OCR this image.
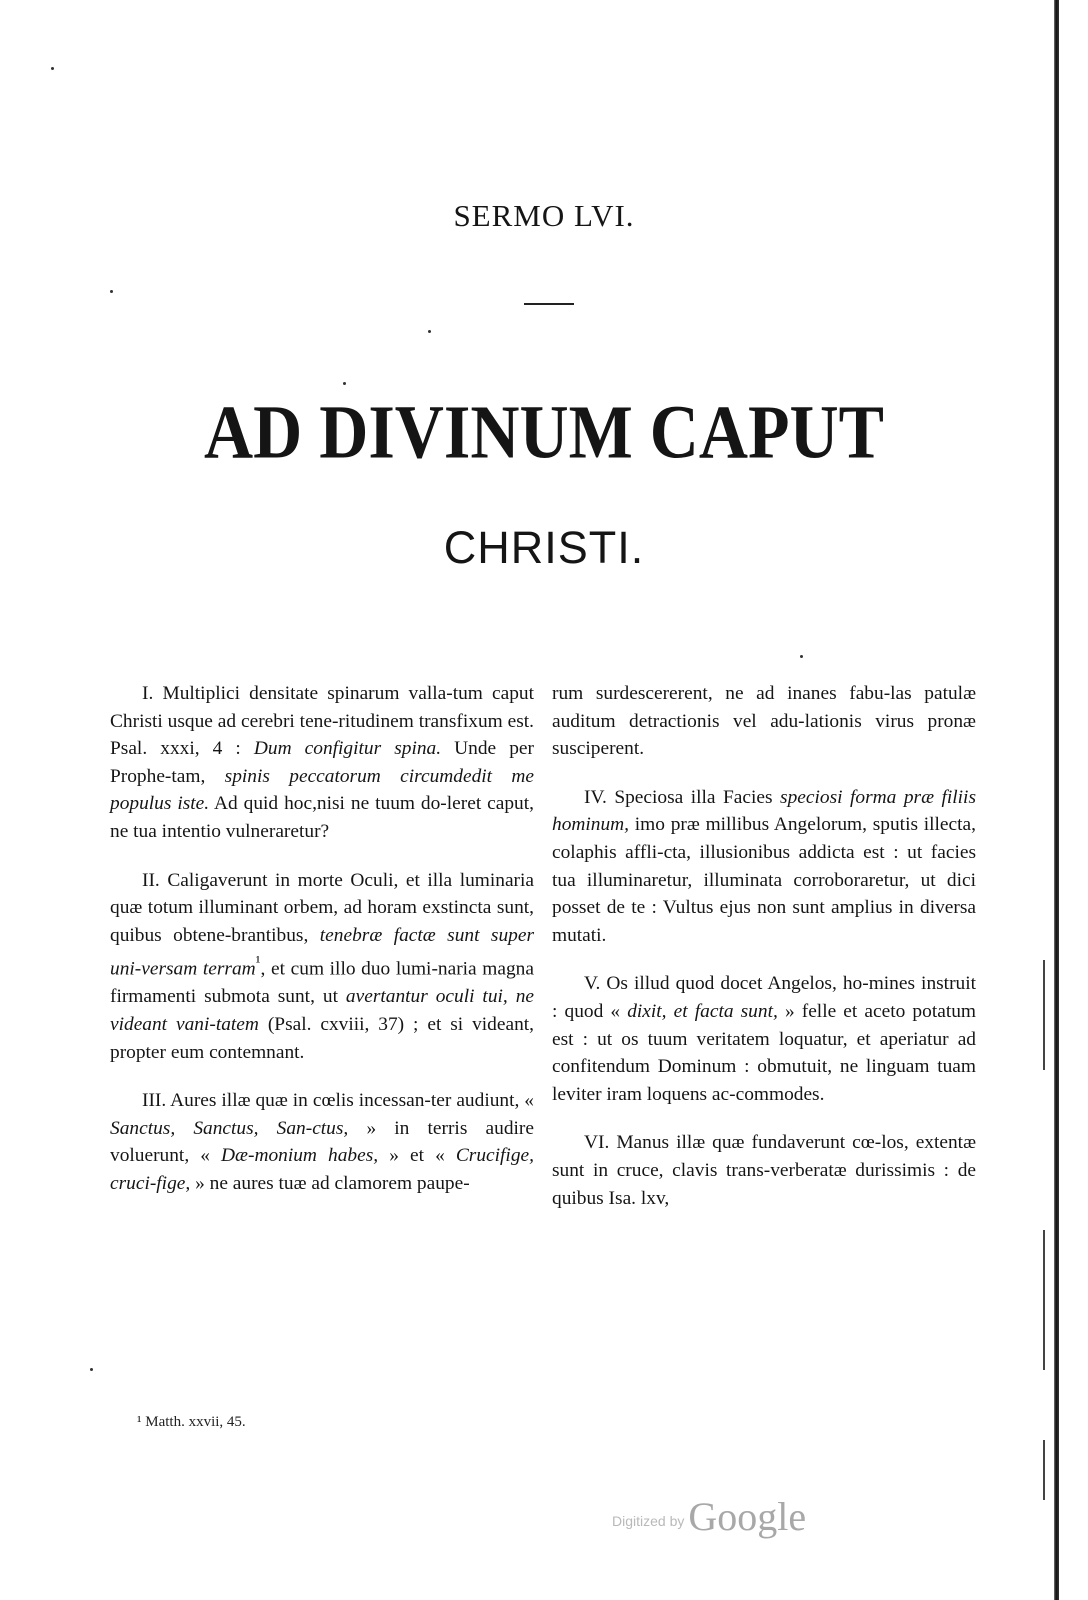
SERMO LVI.
AD DIVINUM CAPUT
CHRISTI.

I. Multiplici densitate spinarum valla-tum caput Christi usque ad cerebri tene-ritudinem transfixum est. Psal. xxxi, 4 : Dum configitur spina. Unde per Prophe-tam, spinis peccatorum circumdedit me populus iste. Ad quid hoc,nisi ne tuum do-leret caput, ne tua intentio vulneraretur?

II. Caligaverunt in morte Oculi, et illa luminaria quæ totum illuminant orbem, ad horam exstincta sunt, quibus obtene-brantibus, tenebræ factæ sunt super uni-versam terram$^{^1}$, et cum illo duo lumi-naria magna firmamenti submota sunt, ut avertantur oculi tui, ne videant vani-tatem (Psal. cxviii, 37) ; et si videant, propter eum contemnant.

III. Aures illæ quæ in cœlis incessan-ter audiunt, « Sanctus, Sanctus, San-ctus, » in terris audire voluerunt, « Dæ-monium habes, » et « Crucifige, cruci-fige, » ne aures tuæ ad clamorem paupe-

rum surdescererent, ne ad inanes fabu-las patulæ auditum detractionis vel adu-lationis virus pronæ susciperent.

IV. Speciosa illa Facies speciosi forma præ filiis hominum, imo præ millibus Angelorum, sputis illecta, colaphis affli-cta, illusionibus addicta est : ut facies tua illuminaretur, illuminata corroboraretur, ut dici posset de te : Vultus ejus non sunt amplius in diversa mutati.

V. Os illud quod docet Angelos, ho-mines instruit : quod « dixit, et facta sunt, » felle et aceto potatum est : ut os tuum veritatem loquatur, et aperiatur ad confitendum Dominum : obmutuit, ne linguam tuam leviter iram loquens ac-commodes.

VI. Manus illæ quæ fundaverunt cœ-los, extentæ sunt in cruce, clavis trans-verberatæ durissimis : de quibus Isa. lxv,

¹ Matth. xxvii, 45.
Digitized by Google
